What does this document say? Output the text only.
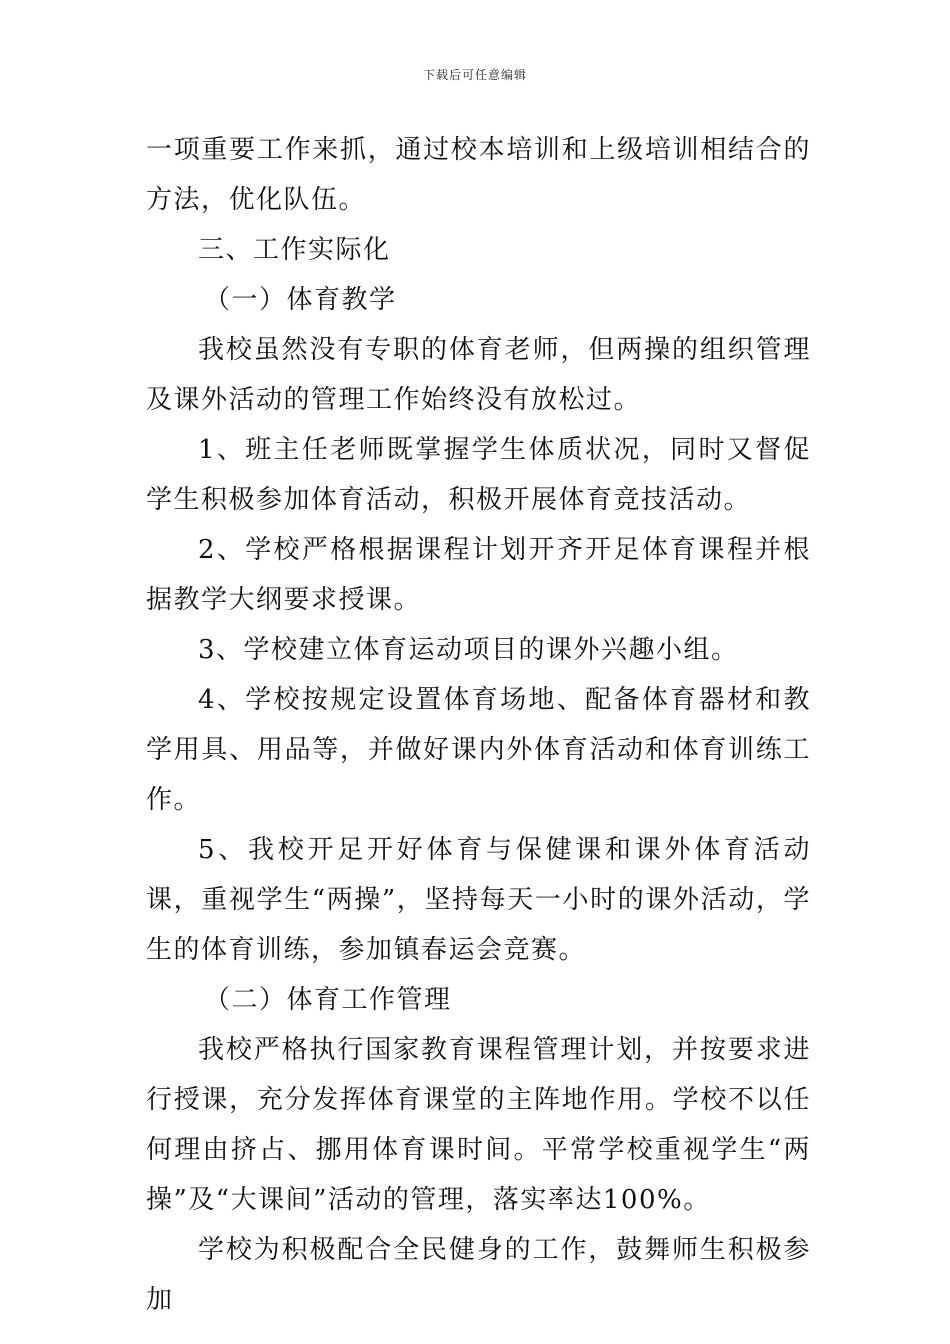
下载后可任意编辑

一项重要工作来抓，通过校本培训和上级培训相结合的方法，优化队伍。

三、工作实际化

（一）体育教学

我校虽然没有专职的体育老师，但两操的组织管理及课外活动的管理工作始终没有放松过。

1、班主任老师既掌握学生体质状况，同时又督促学生积极参加体育活动，积极开展体育竞技活动。

2、学校严格根据课程计划开齐开足体育课程并根据教学大纲要求授课。

3、学校建立体育运动项目的课外兴趣小组。

4、学校按规定设置体育场地、配备体育器材和教学用具、用品等，并做好课内外体育活动和体育训练工作。

5、我校开足开好体育与保健课和课外体育活动课，重视学生“两操”，坚持每天一小时的课外活动，学生的体育训练，参加镇春运会竞赛。

（二）体育工作管理

我校严格执行国家教育课程管理计划，并按要求进行授课，充分发挥体育课堂的主阵地作用。学校不以任何理由挤占、挪用体育课时间。平常学校重视学生“两操”及“大课间”活动的管理，落实率达100%。

学校为积极配合全民健身的工作，鼓舞师生积极参加
